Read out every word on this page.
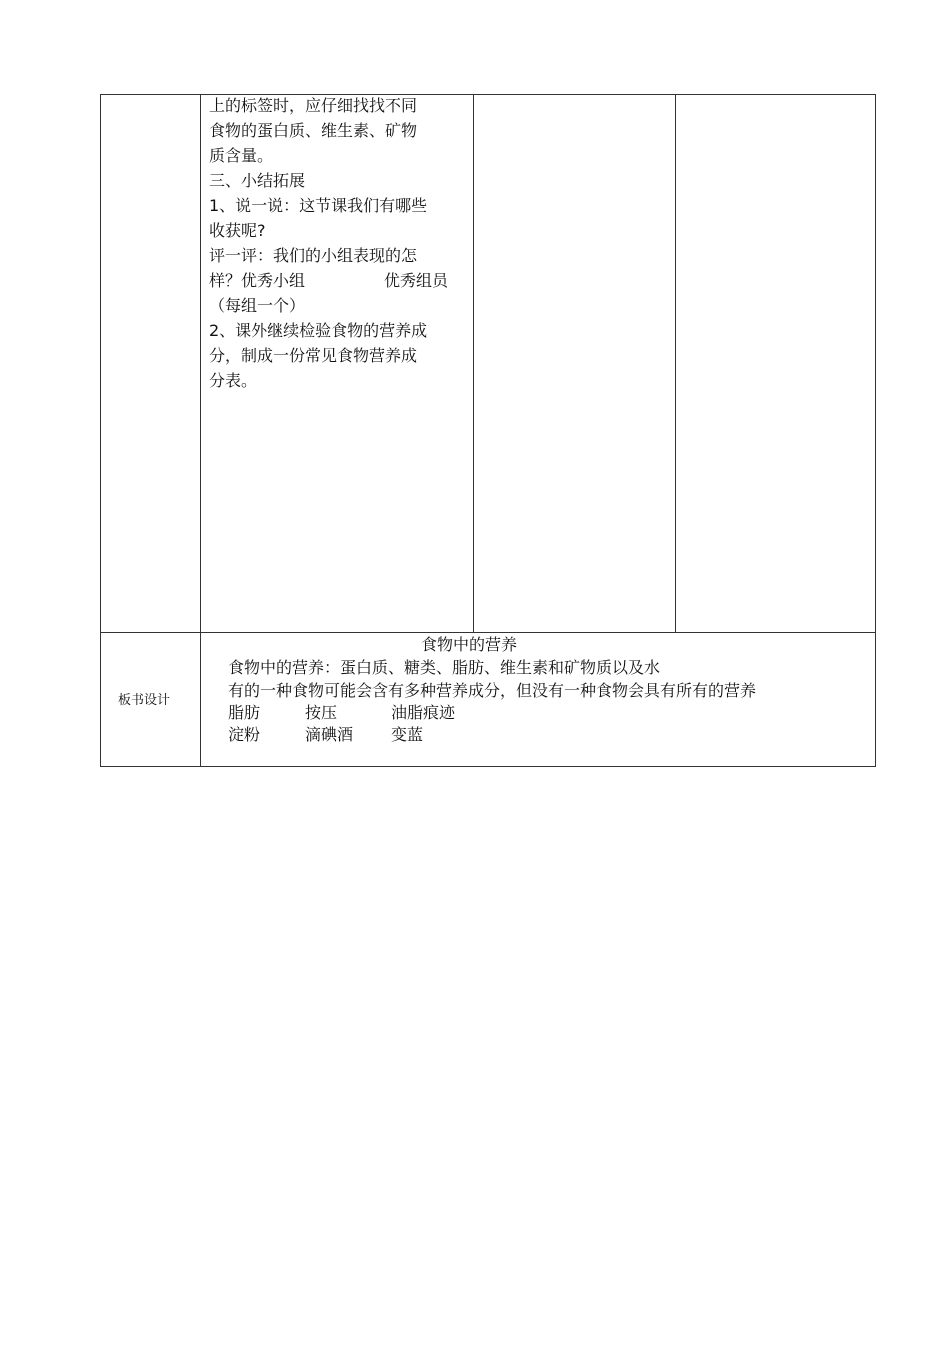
上的标签时，应仔细找找不同
食物的蛋白质、维生素、矿物
质含量。
三、小结拓展
1、说一说：这节课我们有哪些
收获呢?
评一评：我们的小组表现的怎
样？优秀小组	优秀组员
（每组一个）
2、课外继续检验食物的营养成
分，制成一份常见食物营养成
分表。
板书设计
食物中的营养
食物中的营养：蛋白质、糖类、脂肪、维生素和矿物质以及水
有的一种食物可能会含有多种营养成分，但没有一种食物会具有所有的营养
脂肪	按压	油脂痕迹
淀粉	滴碘酒 变蓝
